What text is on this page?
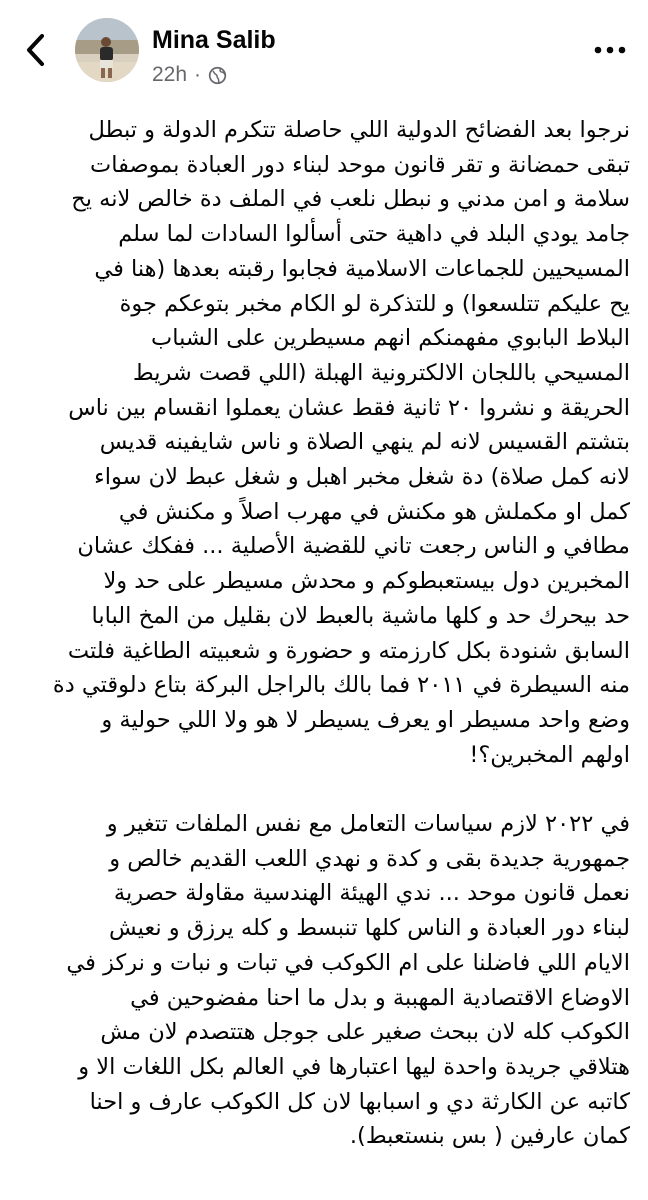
Mina Salib
22h ·

نرجوا بعد الفضائح الدولية اللي حاصلة تتكرم الدولة و تبطل
تبقى حمضانة و تقر قانون موحد لبناء دور العبادة بموصفات
سلامة و امن مدني و نبطل نلعب في الملف دة خالص لانه يح
جامد يودي البلد في داهية حتى أسألوا السادات لما سلم
المسيحيين للجماعات الاسلامية فجابوا رقبته بعدها (هنا في
يح عليكم تتلسعوا) و للتذكرة لو الكام مخبر بتوعكم جوة
البلاط البابوي مفهمنكم انهم مسيطرين على الشباب
المسيحي باللجان الالكترونية الهبلة (اللي قصت شريط
الحريقة و نشروا ٢٠ ثانية فقط عشان يعملوا انقسام بين ناس
بتشتم القسيس لانه لم ينهي الصلاة و ناس شايفينه قديس
لانه كمل صلاة) دة شغل مخبر اهبل و شغل عبط لان سواء
كمل او مكملش هو مكنش في مهرب اصلاً و مكنش في
مطافي و الناس رجعت تاني للقضية الأصلية ... ففكك عشان
المخبرين دول بيستعبطوكم و محدش مسيطر على حد ولا
حد بيحرك حد و كلها ماشية بالعبط لان بقليل من المخ البابا
السابق شنودة بكل كارزمته و حضورة و شعبيته الطاغية فلتت
منه السيطرة في ٢٠١١ فما بالك بالراجل البركة بتاع دلوقتي دة
وضع واحد مسيطر او يعرف يسيطر لا هو ولا اللي حولية و
اولهم المخبرين؟!

في ٢٠٢٢ لازم سياسات التعامل مع نفس الملفات تتغير و
جمهورية جديدة بقى و كدة و نهدي اللعب القديم خالص و
نعمل قانون موحد ... ندي الهيئة الهندسية مقاولة حصرية
لبناء دور العبادة و الناس كلها تنبسط و كله يرزق و نعيش
الايام اللي فاضلنا على ام الكوكب في تبات و نبات و نركز في
الاوضاع الاقتصادية المهببة و بدل ما احنا مفضوحين في
الكوكب كله لان ببحث صغير على جوجل هتتصدم لان مش
هتلاقي جريدة واحدة ليها اعتبارها في العالم بكل اللغات الا و
كاتبه عن الكارثة دي و اسبابها لان كل الكوكب عارف و احنا
كمان عارفين ( بس بنستعبط).
